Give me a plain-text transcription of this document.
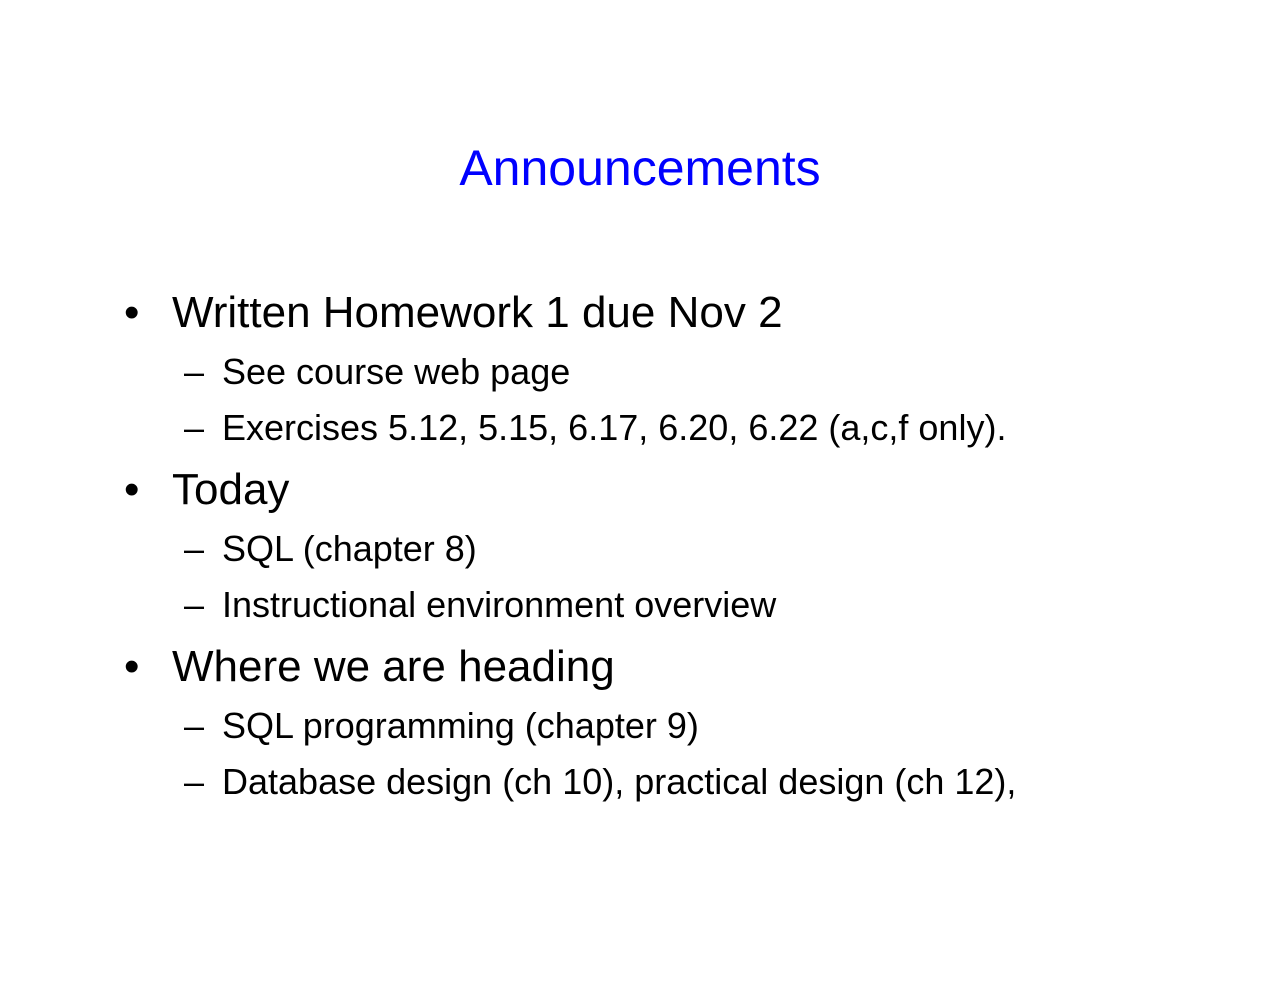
Announcements
• Written Homework 1 due Nov 2
– See course web page
– Exercises 5.12, 5.15, 6.17, 6.20, 6.22 (a,c,f only).
• Today
– SQL (chapter 8)
– Instructional environment overview
• Where we are heading
– SQL programming (chapter 9)
– Database design (ch 10), practical design (ch 12),
